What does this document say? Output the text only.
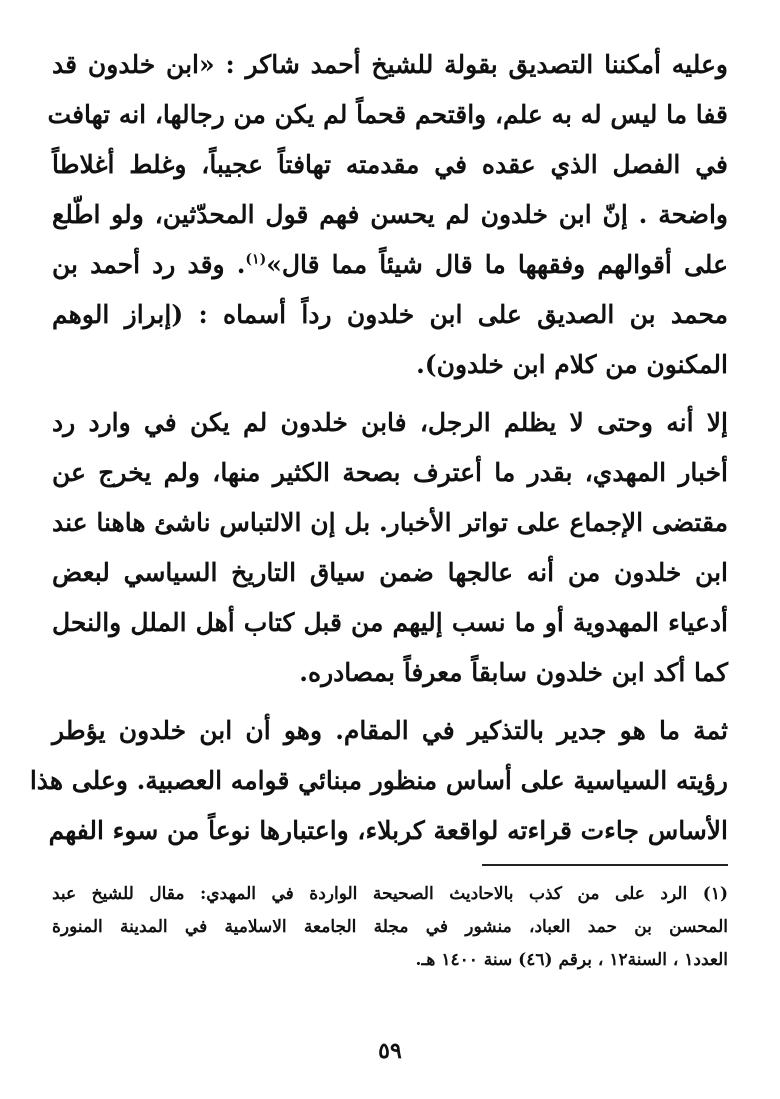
وعليه أمكننا التصديق بقولة للشيخ أحمد شاكر : «ابن خلدون قد
قفا ما ليس له به علم، واقتحم قحماً لم يكن من رجالها، انه تهافت
في الفصل الذي عقده في مقدمته تهافتاً عجيباً، وغلط أغلاطاً
واضحة . إنّ ابن خلدون لم يحسن فهم قول المحدّثين، ولو اطّلع
على أقوالهم وفقهها ما قال شيئاً مما قال»$^{(١)}$. وقد رد أحمد بن
محمد بن الصديق على ابن خلدون رداً أسماه : (إبراز الوهم
المكنون من كلام ابن خلدون).

إلا أنه وحتى لا يظلم الرجل، فابن خلدون لم يكن في وارد رد
أخبار المهدي، بقدر ما أعترف بصحة الكثير منها، ولم يخرج عن
مقتضى الإجماع على تواتر الأخبار. بل إن الالتباس ناشئ هاهنا عند
ابن خلدون من أنه عالجها ضمن سياق التاريخ السياسي لبعض
أدعياء المهدوية أو ما نسب إليهم من قبل كتاب أهل الملل والنحل
كما أكد ابن خلدون سابقاً معرفاً بمصادره.

ثمة ما هو جدير بالتذكير في المقام. وهو أن ابن خلدون يؤطر
رؤيته السياسية على أساس منظور مبنائي قوامه العصبية. وعلى هذا
الأساس جاءت قراءته لواقعة كربلاء، واعتبارها نوعاً من سوء الفهم

(١) الرد على من كذب بالاحاديث الصحيحة الواردة في المهدي: مقال للشيخ عبد
المحسن بن حمد العباد، منشور في مجلة الجامعة الاسلامية في المدينة المنورة
العدد١ ، السنة١٢ ، برقم (٤٦) سنة ١٤٠٠ هـ.
٥٩
